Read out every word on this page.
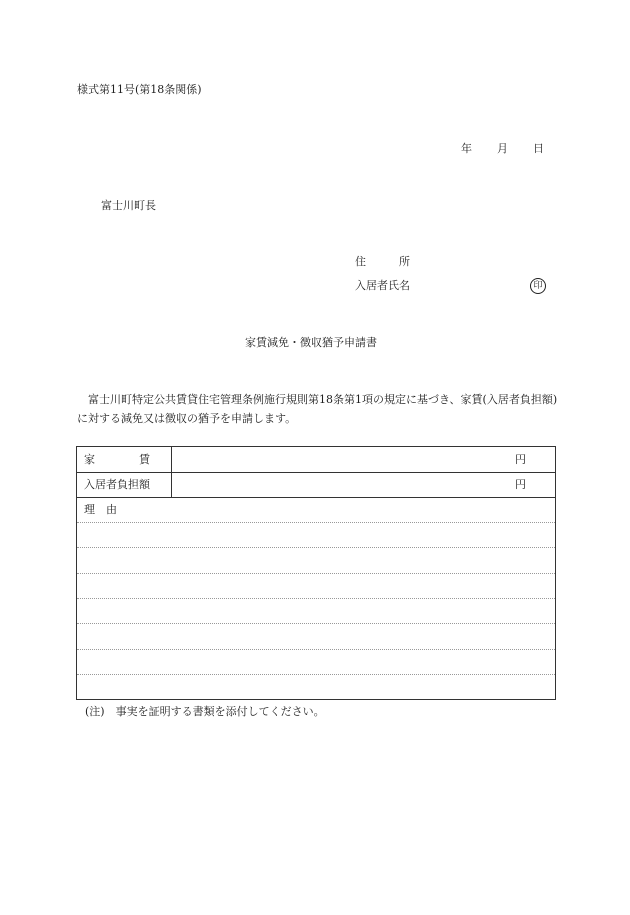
様式第11号(第18条関係)
年 月 日
富士川町長
住　　　所
入居者氏名	印
家賃減免・徴収猶予申請書
富士川町特定公共賃貸住宅管理条例施行規則第18条第1項の規定に基づき、家賃(入居者負担額)に対する減免又は徴収の猶予を申請します。
家　　　　賃	円
入居者負担額	円
理　由
(注)　事実を証明する書類を添付してください。
